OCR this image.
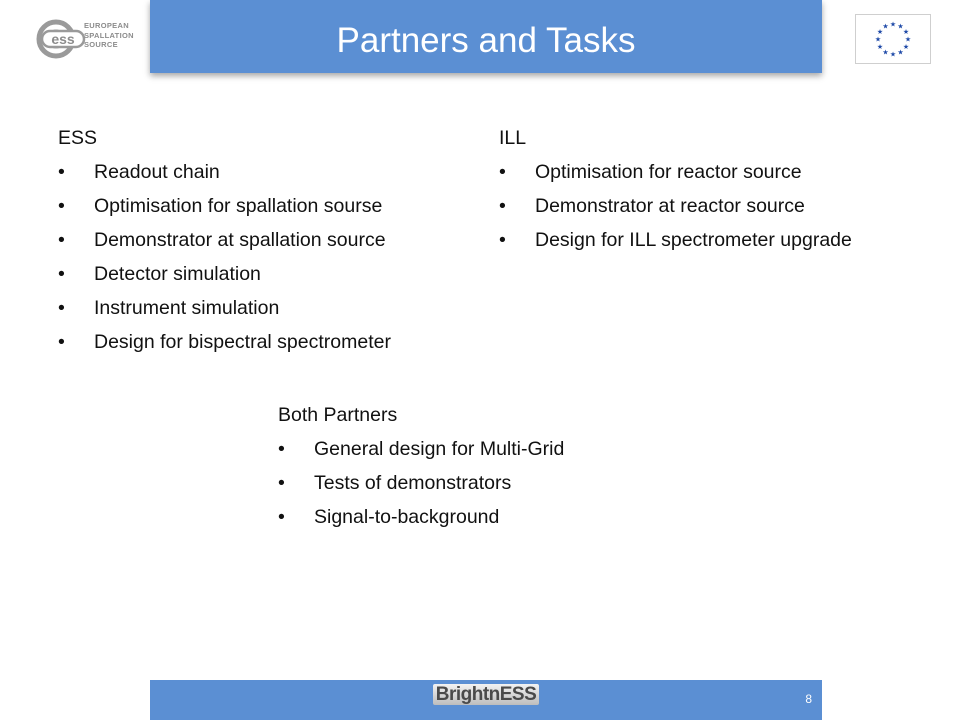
ess
EUROPEAN
SPALLATION
SOURCE	Partners and Tasks	★ ★
★
★
★
★
★
★
★
★
★
★
ESS
• Readout chain
• Optimisation for spallation sourse
• Demonstrator at spallation source
• Detector simulation
• Instrument simulation
• Design for bispectral spectrometer
ILL
• Optimisation for reactor source
• Demonstrator at reactor source
• Design for ILL spectrometer upgrade
Both Partners
• General design for Multi-Grid
• Tests of demonstrators
• Signal-to-background
BrightnESS	8
